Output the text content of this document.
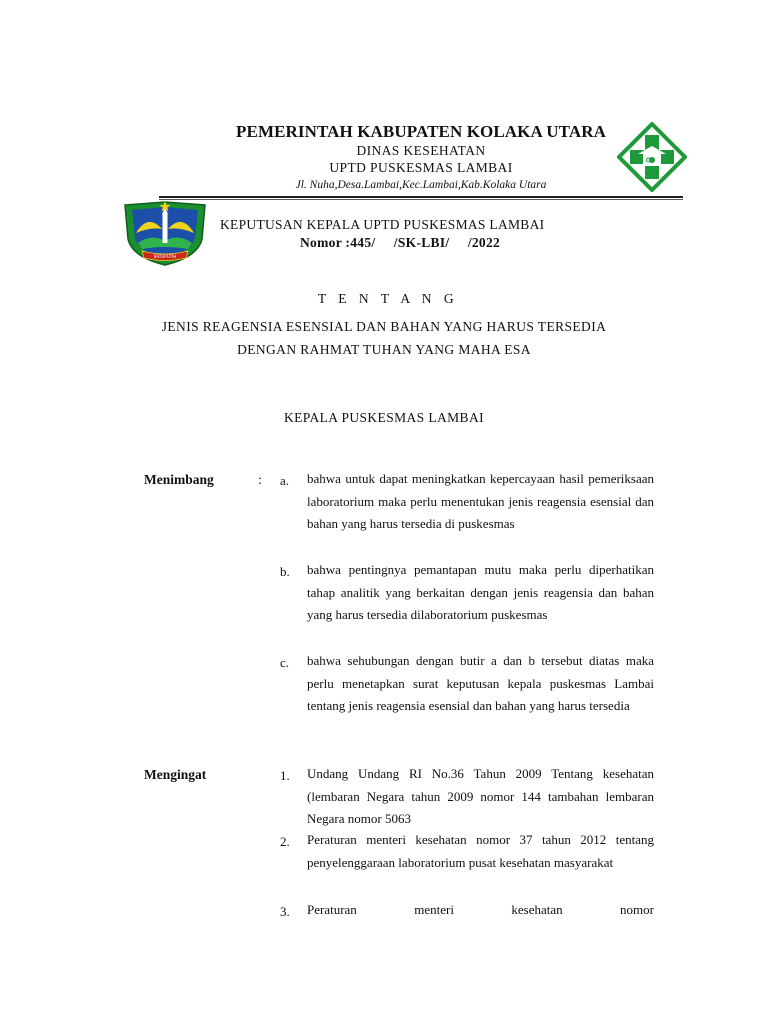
BATUPUTIH
PEMERINTAH KABUPATEN KOLAKA UTARA
DINAS KESEHATAN
UPTD PUSKESMAS LAMBAI
Jl. Nuha,Desa.Lambai,Kec.Lambai,Kab.Kolaka Utara
KEPUTUSAN KEPALA UPTD PUSKESMAS LAMBAI
Nomor :445/     /SK-LBI/     /2022
T E N T A N G
JENIS REAGENSIA ESENSIAL DAN BAHAN YANG HARUS TERSEDIA
DENGAN RAHMAT TUHAN YANG MAHA ESA
KEPALA PUSKESMAS LAMBAI
Menimbang	: a. bahwa untuk dapat meningkatkan kepercayaan hasil pemeriksaan laboratorium maka perlu menentukan jenis reagensia esensial dan bahan yang harus tersedia di puskesmas
b. bahwa pentingnya pemantapan mutu maka perlu diperhatikan tahap analitik yang berkaitan dengan jenis reagensia dan bahan yang harus tersedia dilaboratorium puskesmas
c. bahwa sehubungan dengan butir a dan b tersebut diatas maka perlu menetapkan surat keputusan kepala puskesmas Lambai tentang jenis reagensia esensial dan bahan yang harus tersedia
Mengingat	1. Undang Undang RI No.36 Tahun 2009 Tentang kesehatan (lembaran Negara tahun 2009 nomor 144 tambahan lembaran Negara nomor 5063
2. Peraturan menteri kesehatan nomor 37 tahun 2012 tentang penyelenggaraan laboratorium pusat kesehatan masyarakat
3. Peraturan menteri kesehatan nomor
